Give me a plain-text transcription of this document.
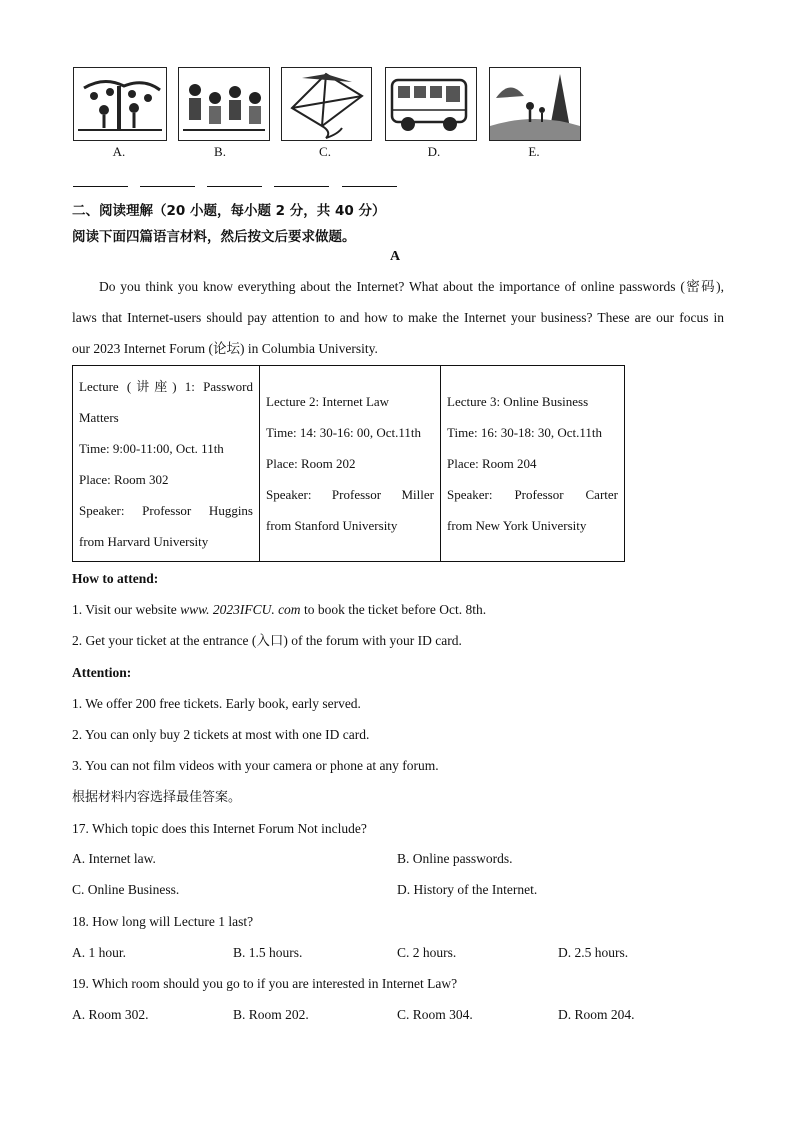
A.	B.	C.	D.	E.
二、阅读理解（20 小题，每小题 2 分，共 40 分）
阅读下面四篇语言材料，然后按文后要求做题。
A
Do you think you know everything about the Internet? What about the importance of online passwords (密码),
laws that Internet-users should pay attention to and how to make the Internet your business? These are our focus in
our 2023 Internet Forum (论坛) in Columbia University.
Lecture (讲座) 1: Password
Matters
Time: 9:00-11:00, Oct. 11th
Place: Room 302
Speaker: Professor Huggins
from Harvard University

Lecture 2: Internet Law
Time: 14: 30-16: 00, Oct.11th
Place: Room 202
Speaker: Professor Miller
from Stanford University

Lecture 3: Online Business
Time: 16: 30-18: 30, Oct.11th
Place: Room 204
Speaker: Professor Carter
from New York University
How to attend:
1. Visit our website www. 2023IFCU. com to book the ticket before Oct. 8th.
2. Get your ticket at the entrance (入口) of the forum with your ID card.
Attention:
1. We offer 200 free tickets. Early book, early served.
2. You can only buy 2 tickets at most with one ID card.
3. You can not film videos with your camera or phone at any forum.
根据材料内容选择最佳答案。
17. Which topic does this Internet Forum Not include?
A. Internet law.	B. Online passwords.
C. Online Business.	D. History of the Internet.
18. How long will Lecture 1 last?
A. 1 hour.	B. 1.5 hours.	C. 2 hours.	D. 2.5 hours.
19. Which room should you go to if you are interested in Internet Law?
A. Room 302.	B. Room 202.	C. Room 304.	D. Room 204.
